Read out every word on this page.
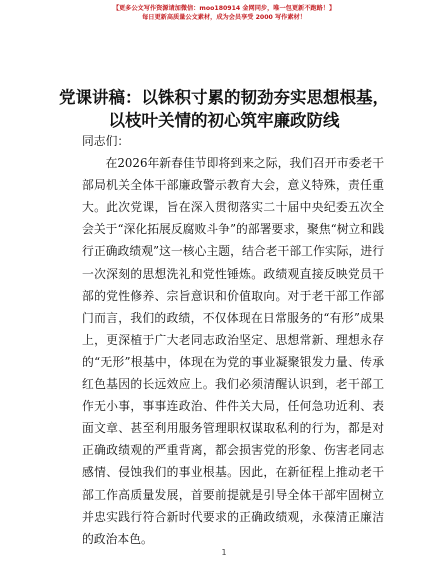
【更多公文写作资源请加微信：moo180914 金网同步，唯一包更新不跑路！】
每日更新高质量公文素材，成为会员享受 2000 写作素材！
党课讲稿：以铢积寸累的韧劲夯实思想根基，
以枝叶关情的初心筑牢廉政防线

同志们：

在2026年新春佳节即将到来之际，我们召开市委老干部局机关全体干部廉政警示教育大会，意义特殊，责任重大。此次党课，旨在深入贯彻落实二十届中央纪委五次全会关于“深化拓展反腐败斗争”的部署要求，聚焦“树立和践行正确政绩观”这一核心主题，结合老干部工作实际，进行一次深刻的思想洗礼和党性锤炼。政绩观直接反映党员干部的党性修养、宗旨意识和价值取向。对于老干部工作部门而言，我们的政绩，不仅体现在日常服务的“有形”成果上，更深植于广大老同志政治坚定、思想常新、理想永存的“无形”根基中，体现在为党的事业凝聚银发力量、传承红色基因的长远效应上。我们必须清醒认识到，老干部工作无小事，事事连政治、件件关大局，任何急功近利、表面文章、甚至利用服务管理职权谋取私利的行为，都是对正确政绩观的严重背离，都会损害党的形象、伤害老同志感情、侵蚀我们的事业根基。因此，在新征程上推动老干部工作高质量发展，首要前提就是引导全体干部牢固树立并忠实践行符合新时代要求的正确政绩观，永葆清正廉洁的政治本色。

1
